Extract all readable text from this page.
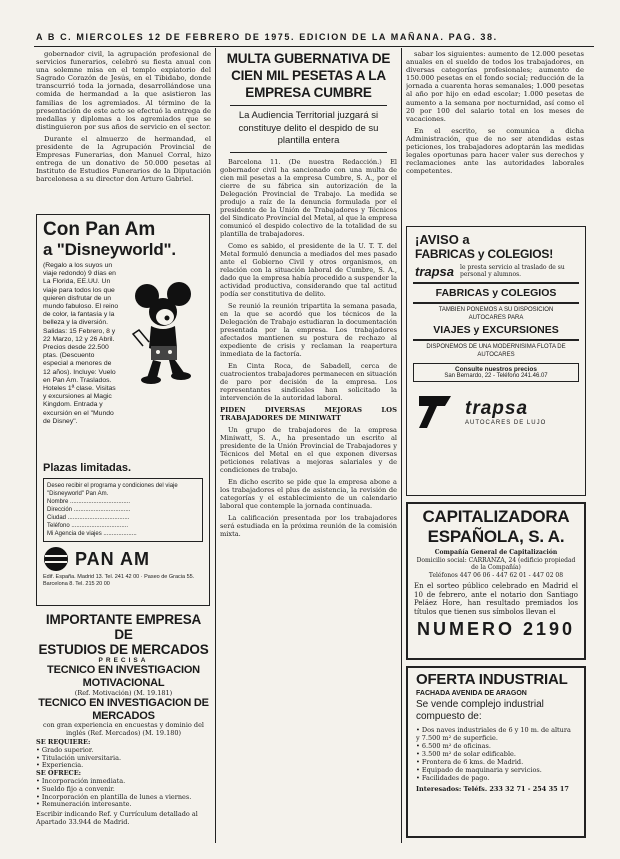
A B C. MIERCOLES 12 DE FEBRERO DE 1975. EDICION DE LA MAÑANA. PAG. 38.

gobernador civil, la agrupación profesional de servicios funerarios, celebró su fiesta anual con una solemne misa en el templo expiatorio del Sagrado Corazón de Jesús, en el Tibidabo, donde transcurrió toda la jornada, desarrollándose una comida de hermandad a la que asistieron las familias de los agremiados. Al término de la presentación de este acto se efectuó la entrega de medallas y diplomas a los agremiados que se distinguieron por sus años de servicio en el sector.

Durante el almuerzo de hermandad, el presidente de la Agrupación Provincial de Empresas Funerarias, don Manuel Corral, hizo entrega de un donativo de 50.000 pesetas al Instituto de Estudios Funerarios de la Diputación barcelonesa a su director don Arturo Gabriel.

Con Pan Am
a "Disneyworld".
(Regalo a los suyos un viaje redondo) 9 días en La Florida, EE.UU. Un viaje para todos los que quieren disfrutar de un mundo fabuloso. El reino de color, la fantasía y la belleza y la diversión. Salidas: 15 Febrero, 8 y 22 Marzo, 12 y 26 Abril. Precios desde 22.500 ptas. (Descuento especial a menores de 12 años). Incluye: Vuelo en Pan Am. Traslados. Hoteles 1ª clase. Visitas y excursiones al Magic Kingdom. Entrada y excursión en el "Mundo de Disney".
Plazas limitadas.
Deseo recibir el programa y condiciones del viaje "Disneyworld" Pan Am.
Nombre ....................................
Dirección ..................................
Ciudad .....................................
Teléfono ..................................
Mi Agencia de viajes ....................
PAN AM
Edif. España. Madrid 13. Tel. 241 42 00 · Paseo de Gracia 55. Barcelona 8. Tel. 215 20 00
IMPORTANTE EMPRESA DE
ESTUDIOS DE MERCADOS
PRECISA
TECNICO EN INVESTIGACION MOTIVACIONAL
(Ref. Motivación) (M. 19.181)
TECNICO EN INVESTIGACION DE MERCADOS
con gran experiencia en encuestas y dominio del inglés (Ref. Mercados) (M. 19.180)
SE REQUIERE:
• Grado superior.
• Titulación universitaria.
• Experiencia.
SE OFRECE:
• Incorporación inmediata.
• Sueldo fijo a convenir.
• Incorporación en plantilla de lunes a viernes.
• Remuneración interesante.
Escribir indicando Ref. y Currículum detallado al Apartado 33.944 de Madrid.
MULTA GUBERNATIVA DE CIEN MIL PESETAS A LA EMPRESA CUMBRE
La Audiencia Territorial juzgará si constituye delito el despido de su plantilla entera

Barcelona 11. (De nuestra Redacción.) El gobernador civil ha sancionado con una multa de cien mil pesetas a la empresa Cumbre, S. A., por el cierre de su fábrica sin autorización de la Delegación Provincial de Trabajo. La medida se produjo a raíz de la denuncia formulada por el presidente de la Unión de Trabajadores y Técnicos del Sindicato Provincial del Metal, al que la empresa comunicó el despido colectivo de la totalidad de su plantilla de trabajadores.

Como es sabido, el presidente de la U. T. T. del Metal formuló denuncia a mediados del mes pasado ante el Gobierno Civil y otros organismos, en relación con la situación laboral de Cumbre, S. A., dado que la empresa había procedido a suspender la actividad productiva, considerando que tal actitud podía ser constitutiva de delito.

Se reunió la reunión tripartita la semana pasada, en la que se acordó que los técnicos de la Delegación de Trabajo estudiaran la documentación presentada por la empresa. Los trabajadores afectados mantienen su postura de rechazo al expediente de crisis y reclaman la reapertura inmediata de la factoría.

En Cinta Roca, de Sabadell, cerca de cuatrocientos trabajadores permanecen en situación de paro por decisión de la empresa. Los representantes sindicales han solicitado la intervención de la autoridad laboral.

PIDEN DIVERSAS MEJORAS LOS TRABAJADORES DE MINIWATT

Un grupo de trabajadores de la empresa Miniwatt, S. A., ha presentado un escrito al presidente de la Unión Provincial de Trabajadores y Técnicos del Metal en el que exponen diversas peticiones relativas a mejoras salariales y de condiciones de trabajo.

En dicho escrito se pide que la empresa abone a los trabajadores el plus de asistencia, la revisión de categorías y el establecimiento de un calendario laboral que contemple la jornada continuada.

La calificación presentada por los trabajadores será estudiada en la próxima reunión de la comisión mixta.

sabar los siguientes: aumento de 12.000 pesetas anuales en el sueldo de todos los trabajadores, en diversas categorías profesionales; aumento de 150.000 pesetas en el fondo social; reducción de la jornada a cuarenta horas semanales; 1.000 pesetas al año por hijo en edad escolar; 1.000 pesetas de aumento a la semana por nocturnidad, así como el 20 por 100 del salario total en los meses de vacaciones.

En el escrito, se comunica a dicha Administración, que de no ser atendidas estas peticiones, los trabajadores adoptarán las medidas legales oportunas para hacer valer sus derechos y reclamaciones ante las autoridades laborales competentes.

¡AVISO a
FABRICAS y COLEGIOS!
trapsa le presta servicio al traslado de su personal y alumnos.
FABRICAS y COLEGIOS
TAMBIEN PONEMOS A SU DISPOSICION AUTOCARES PARA
VIAJES y EXCURSIONES
DISPONEMOS DE UNA MODERNISIMA FLOTA DE AUTOCARES
Consulte nuestros precios
San Bernardo, 22 - Teléfono 241.46.07
trapsa
AUTOCARES DE LUJO
CAPITALIZADORA
ESPAÑOLA, S. A.
Compañía General de Capitalización
Domicilio social: CARRANZA, 24 (edificio propiedad de la Compañía)
Teléfonos 447 06 06 - 447 62 01 - 447 02 08
En el sorteo público celebrado en Madrid el 10 de febrero, ante el notario don Santiago Peláez Hore, han resultado premiados los títulos que tienen sus símbolos llevan el
NUMERO 2190
OFERTA INDUSTRIAL
FACHADA AVENIDA DE ARAGON
Se vende complejo industrial compuesto de:
• Dos naves industriales de 6 y 10 m. de altura y 7.500 m² de superficie.
• 6.500 m² de oficinas.
• 3.500 m² de solar edificable.
• Frontera de 6 kms. de Madrid.
• Equipado de maquinaria y servicios.
• Facilidades de pago.
Interesados: Teléfs. 233 32 71 - 254 35 17
